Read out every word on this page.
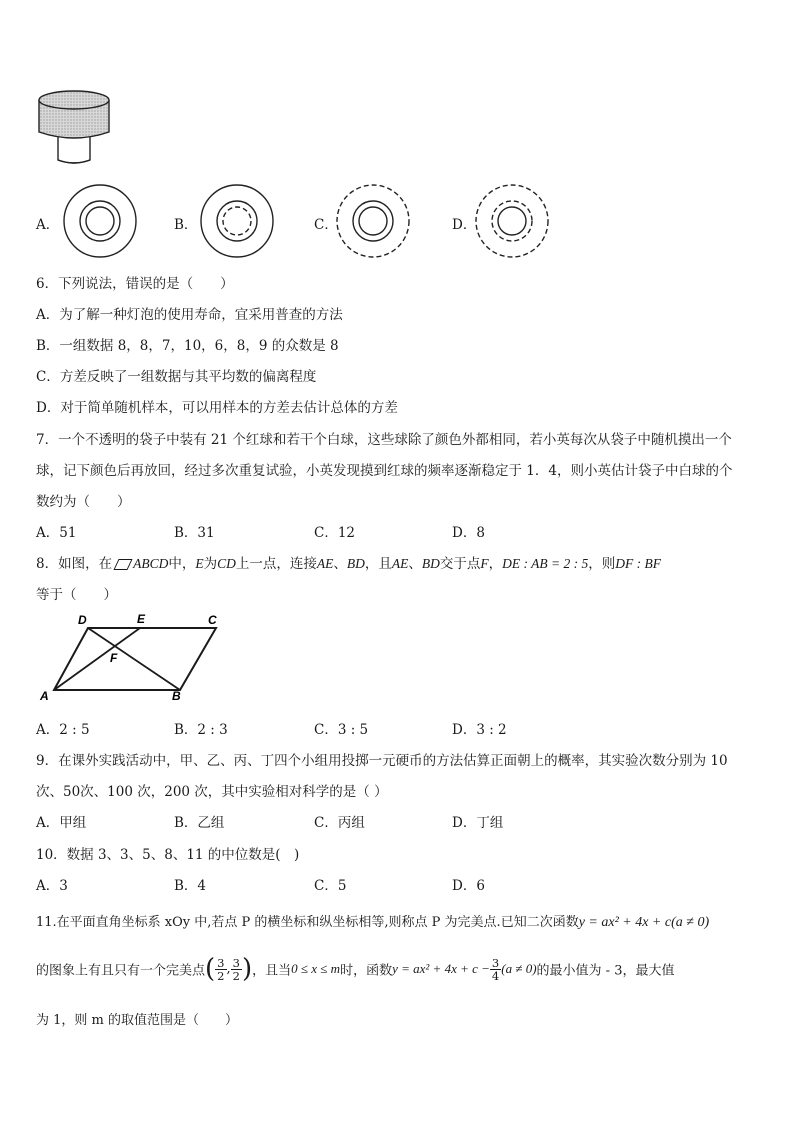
A．	B．	C．	D．
6．下列说法，错误的是（　　）
A．为了解一种灯泡的使用寿命，宜采用普查的方法
B．一组数据 8，8，7，10，6，8，9 的众数是 8
C．方差反映了一组数据与其平均数的偏离程度
D．对于简单随机样本，可以用样本的方差去估计总体的方差
7．一个不透明的袋子中装有 21 个红球和若干个白球，这些球除了颜色外都相同，若小英每次从袋子中随机摸出一个
球，记下颜色后再放回，经过多次重复试验，小英发现摸到红球的频率逐渐稳定于 1．4，则小英估计袋子中白球的个
数约为（　　）
A．51	B．31	C．12	D．8
8．如图，在 ABCD中，E为CD上一点，连接AE、BD，且AE、BD交于点F，DE : AB = 2 : 5，则DF : BF
等于（　　）
D	E	C
F
A	B
A．2 : 5	B．2 : 3	C．3 : 5	D．3 : 2
9．在课外实践活动中，甲、乙、丙、丁四个小组用投掷一元硬币的方法估算正面朝上的概率，其实验次数分别为 10
次、50次、100 次，200 次，其中实验相对科学的是（ ）
A．甲组	B．乙组	C．丙组	D．丁组
10．数据 3、3、5、8、11 的中位数是(　)
A．3	B．4	C．5	D．6
11.在平面直角坐标系 xOy 中,若点 P 的横坐标和纵坐标相等,则称点 P 为完美点.已知二次函数y = ax² + 4x + c(a ≠ 0)
的图象上有且只有一个完美点( $\frac{3}{2}$ , $\frac{3}{2}$ )，且当0 ≤ x ≤ m时，函数$y = ax^2 + 4x + c - \frac{3}{4} (a \ne 0)$的最小值为 - 3，最大值
为 1，则 m 的取值范围是（　　）
